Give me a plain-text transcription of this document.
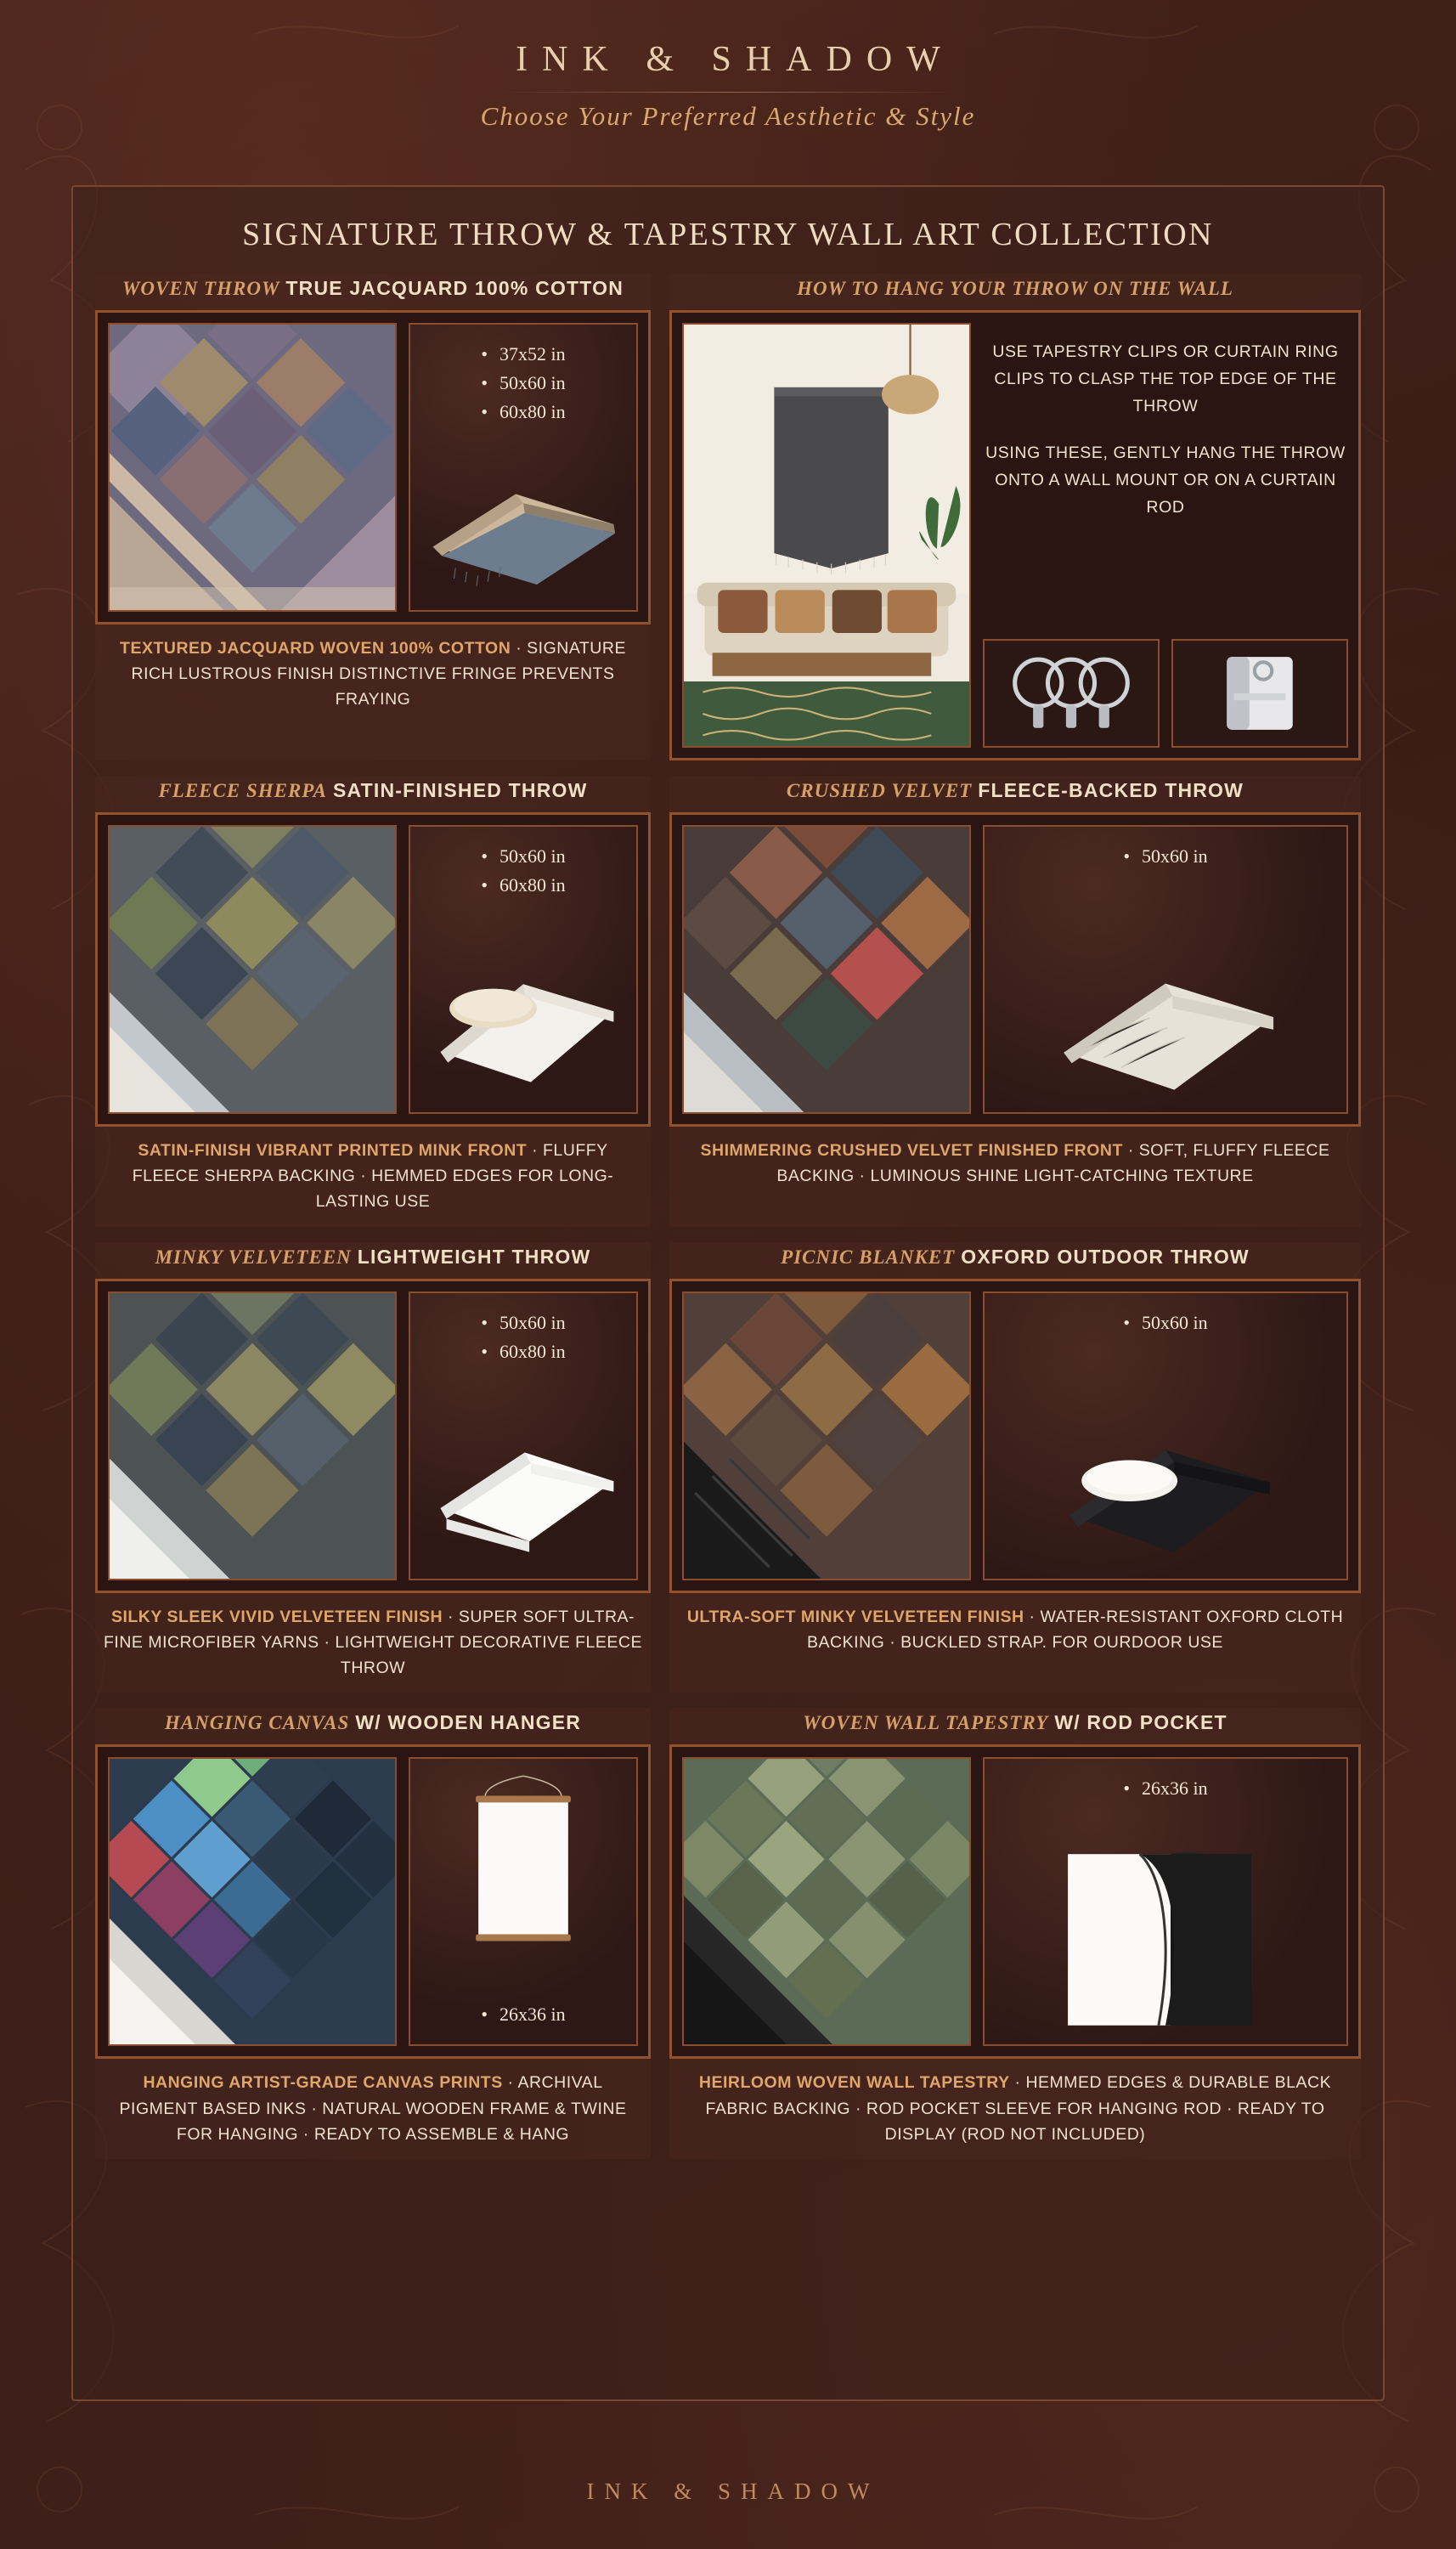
INK & SHADOW
Choose Your Preferred Aesthetic & Style
SIGNATURE THROW & TAPESTRY WALL ART COLLECTION
WOVEN THROW TRUE JACQUARD 100% COTTON
• 37x52 in
• 50x60 in
• 60x80 in
TEXTURED JACQUARD WOVEN 100% COTTON · SIGNATURE RICH LUSTROUS FINISH DISTINCTIVE FRINGE PREVENTS FRAYING
HOW TO HANG YOUR THROW ON THE WALL

USE TAPESTRY CLIPS OR CURTAIN RING CLIPS TO CLASP THE TOP EDGE OF THE THROW

USING THESE, GENTLY HANG THE THROW ONTO A WALL MOUNT OR ON A CURTAIN ROD

FLEECE SHERPA SATIN-FINISHED THROW
• 50x60 in
• 60x80 in
SATIN-FINISH VIBRANT PRINTED MINK FRONT · FLUFFY FLEECE SHERPA BACKING · HEMMED EDGES FOR LONG-LASTING USE
CRUSHED VELVET FLEECE-BACKED THROW
• 50x60 in
SHIMMERING CRUSHED VELVET FINISHED FRONT · SOFT, FLUFFY FLEECE BACKING · LUMINOUS SHINE LIGHT-CATCHING TEXTURE
MINKY VELVETEEN LIGHTWEIGHT THROW
• 50x60 in
• 60x80 in
SILKY SLEEK VIVID VELVETEEN FINISH · SUPER SOFT ULTRA-FINE MICROFIBER YARNS · LIGHTWEIGHT DECORATIVE FLEECE THROW
PICNIC BLANKET OXFORD OUTDOOR THROW
• 50x60 in
ULTRA-SOFT MINKY VELVETEEN FINISH · WATER-RESISTANT OXFORD CLOTH BACKING · BUCKLED STRAP. FOR OURDOOR USE
HANGING CANVAS W/ WOODEN HANGER
• 26x36 in
HANGING ARTIST-GRADE CANVAS PRINTS · ARCHIVAL PIGMENT BASED INKS · NATURAL WOODEN FRAME & TWINE FOR HANGING · READY TO ASSEMBLE & HANG
WOVEN WALL TAPESTRY W/ ROD POCKET
• 26x36 in
HEIRLOOM WOVEN WALL TAPESTRY · HEMMED EDGES & DURABLE BLACK FABRIC BACKING · ROD POCKET SLEEVE FOR HANGING ROD · READY TO DISPLAY (ROD NOT INCLUDED)
INK & SHADOW
